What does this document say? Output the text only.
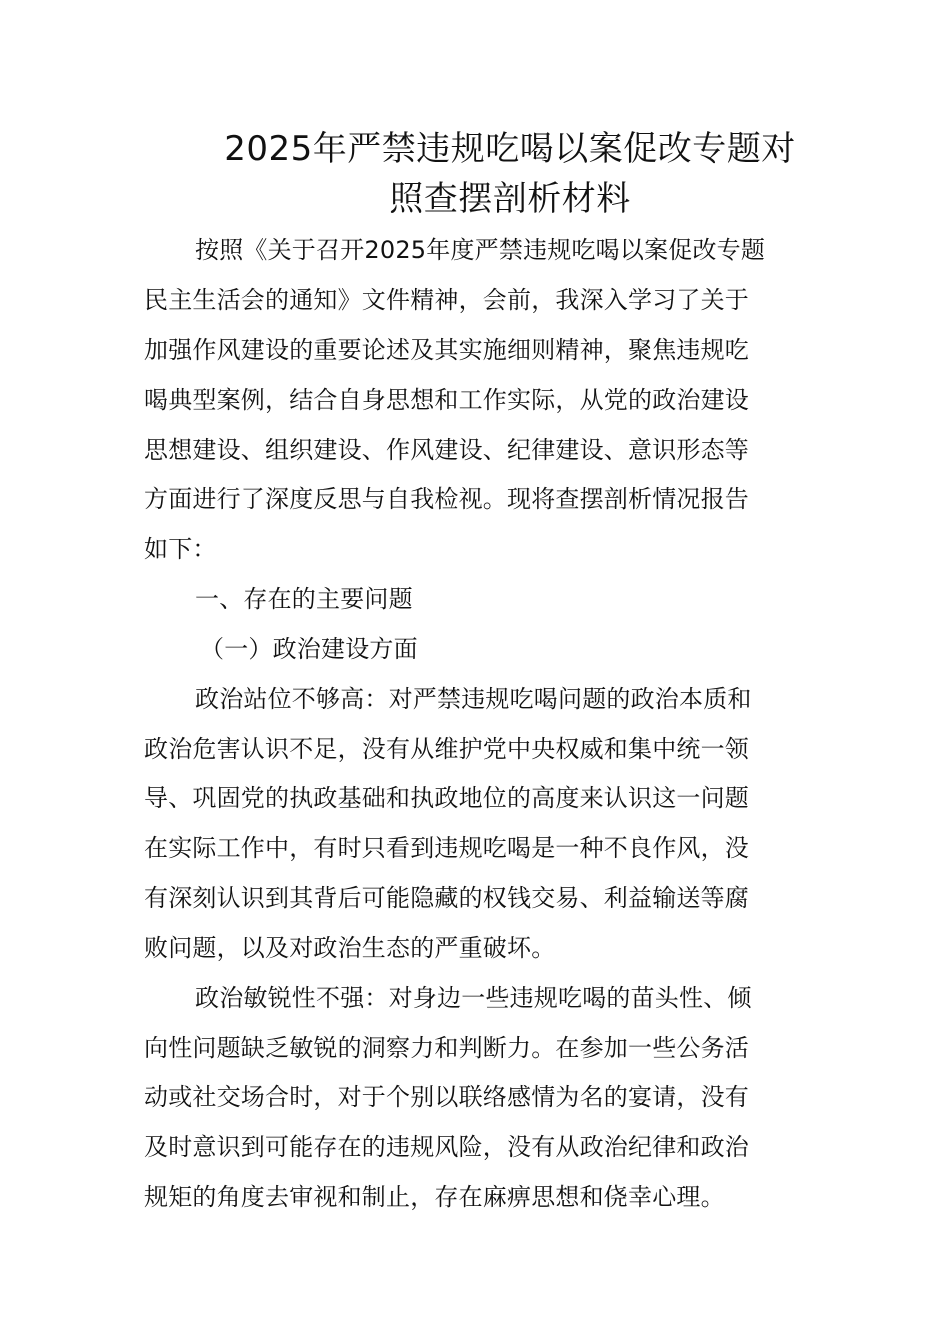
2025年严禁违规吃喝以案促改专题对
照查摆剖析材料
按照《关于召开2025年度严禁违规吃喝以案促改专题
民主生活会的通知》文件精神，会前，我深入学习了关于
加强作风建设的重要论述及其实施细则精神，聚焦违规吃
喝典型案例，结合自身思想和工作实际，从党的政治建设
思想建设、组织建设、作风建设、纪律建设、意识形态等
方面进行了深度反思与自我检视。现将查摆剖析情况报告
如下：
一、存在的主要问题
（一）政治建设方面
政治站位不够高：对严禁违规吃喝问题的政治本质和
政治危害认识不足，没有从维护党中央权威和集中统一领
导、巩固党的执政基础和执政地位的高度来认识这一问题
在实际工作中，有时只看到违规吃喝是一种不良作风，没
有深刻认识到其背后可能隐藏的权钱交易、利益输送等腐
败问题，以及对政治生态的严重破坏。
政治敏锐性不强：对身边一些违规吃喝的苗头性、倾
向性问题缺乏敏锐的洞察力和判断力。在参加一些公务活
动或社交场合时，对于个别以联络感情为名的宴请，没有
及时意识到可能存在的违规风险，没有从政治纪律和政治
规矩的角度去审视和制止，存在麻痹思想和侥幸心理。
